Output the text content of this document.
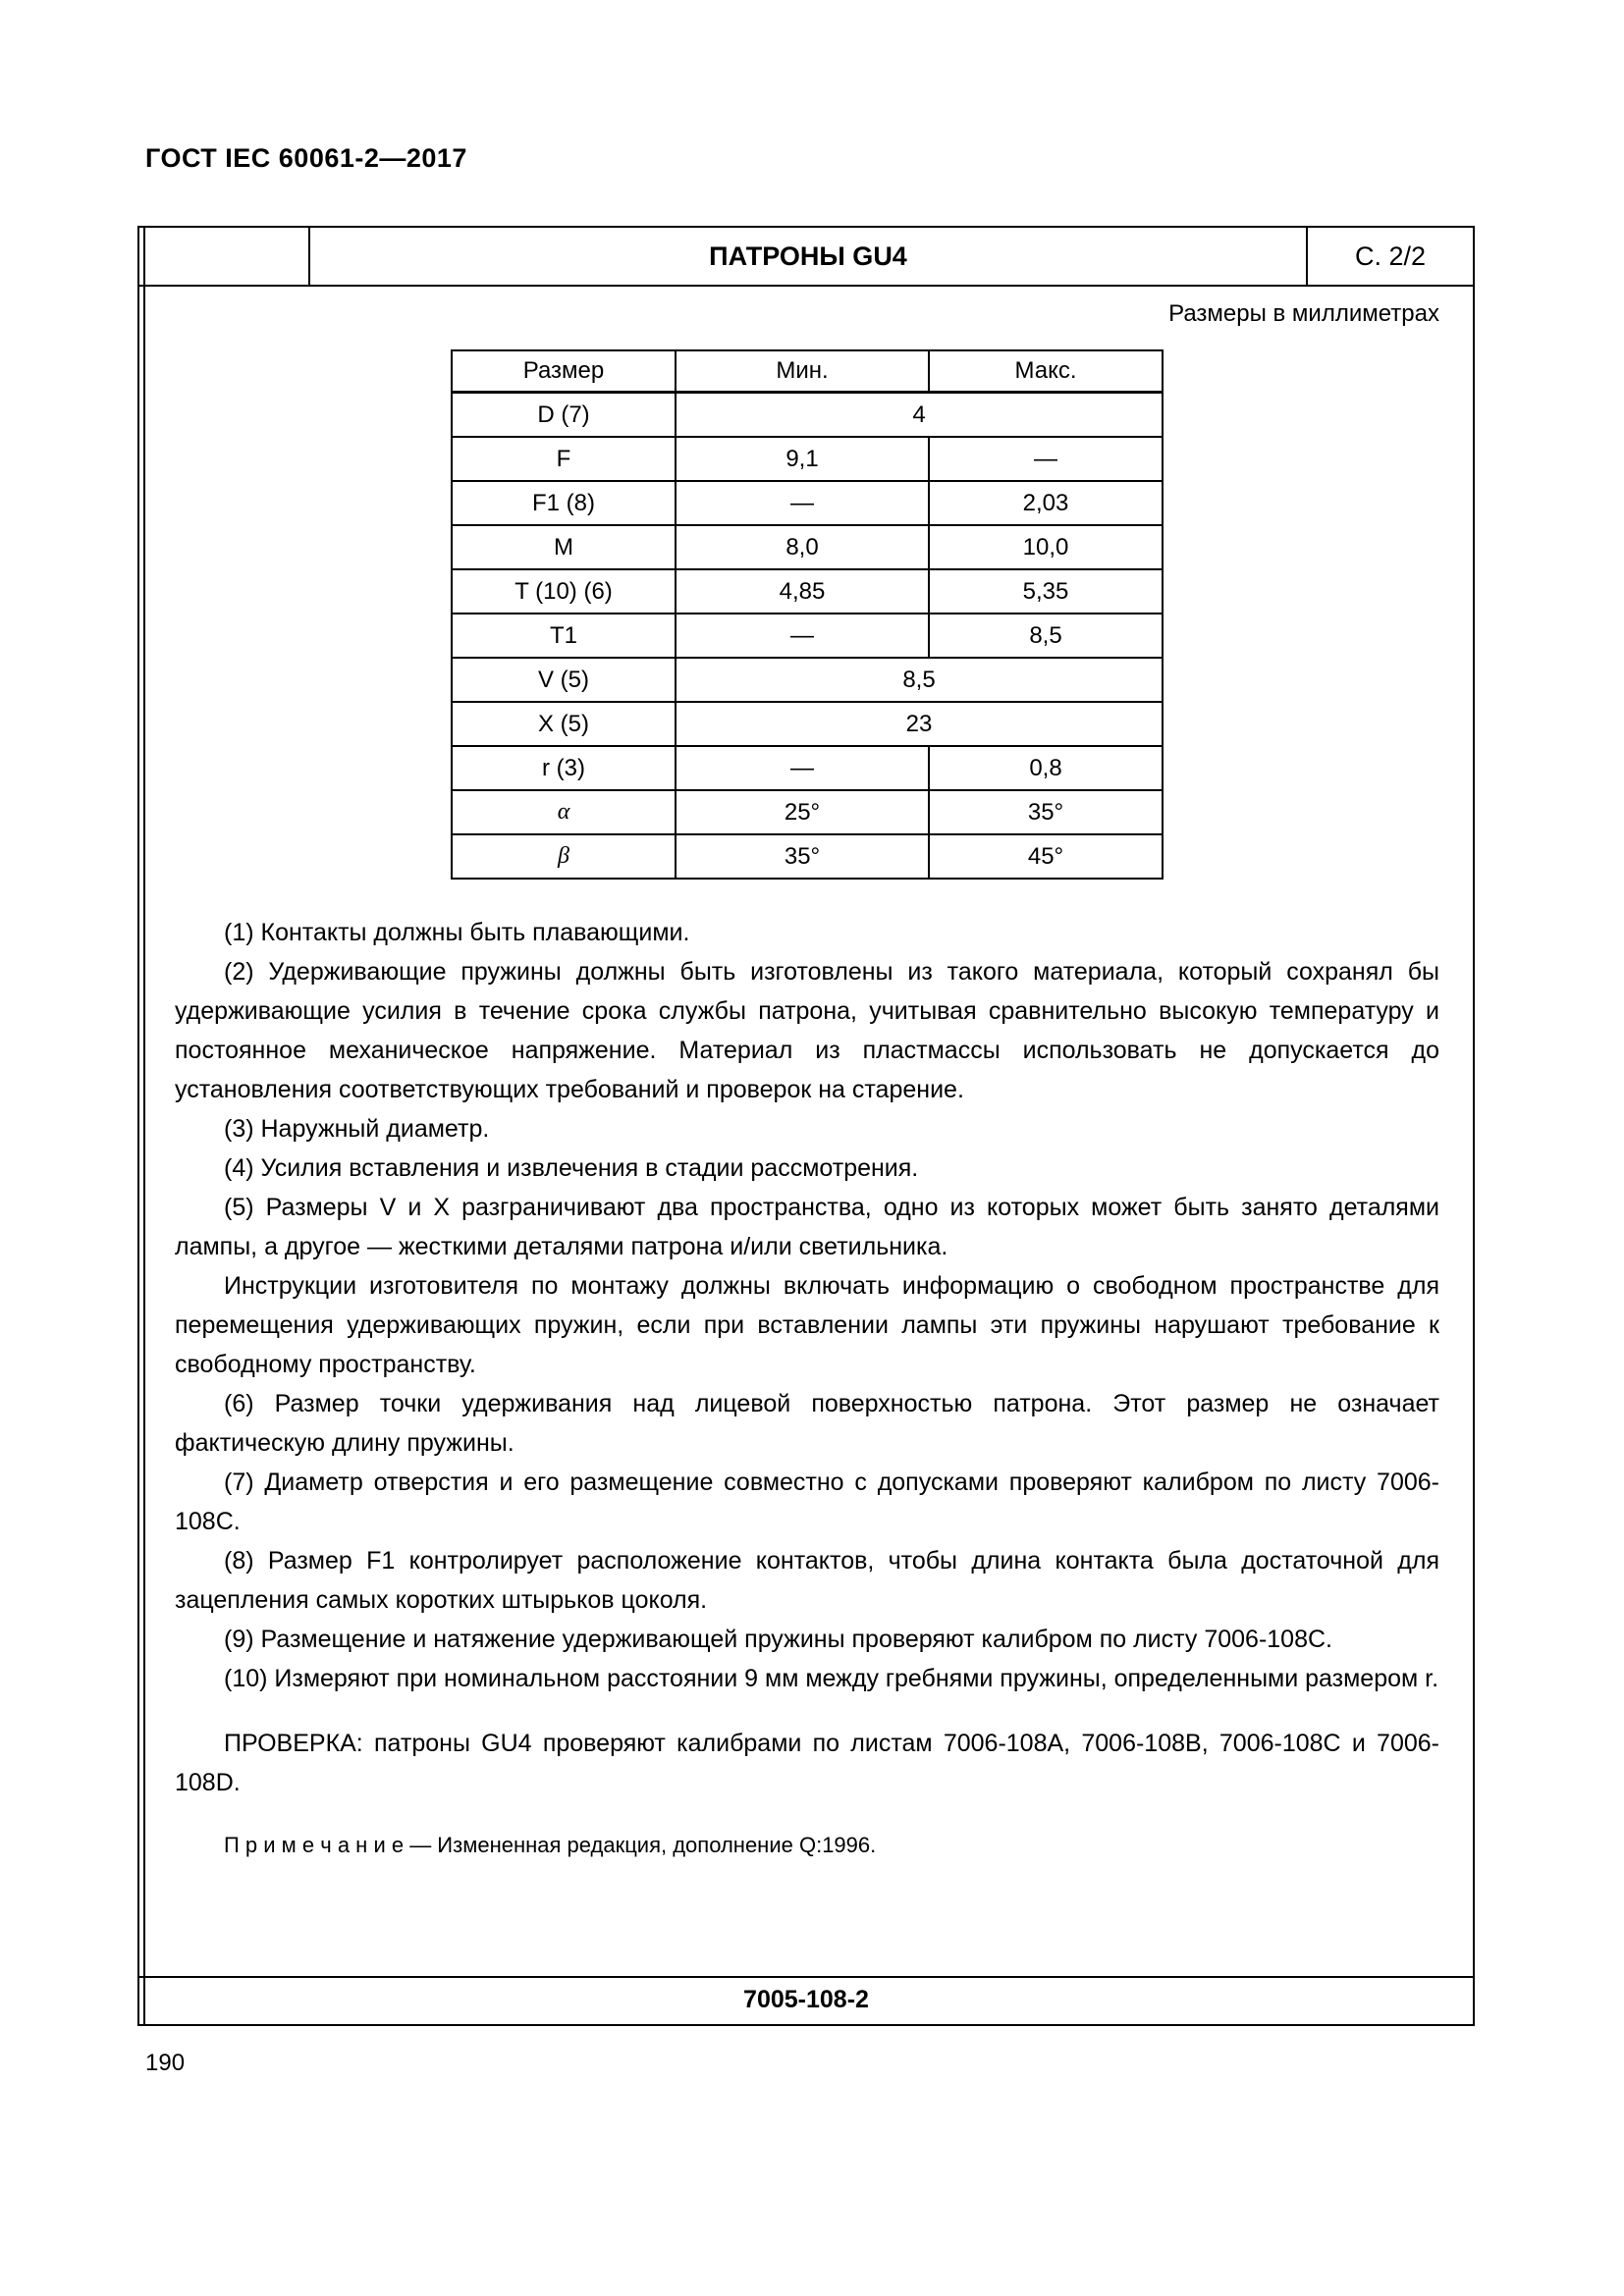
ГОСТ IEC 60061-2—2017
ПАТРОНЫ GU4	С. 2/2
Размеры в миллиметрах
Размер	Мин.	Макс.
D (7)	4	
F	9,1	—
F1 (8)	—	2,03
M	8,0	10,0
T (10) (6)	4,85	5,35
T1	—	8,5
V (5)	8,5	
X (5)	23	
r (3)	—	0,8
α	25°	35°
β	35°	45°

(1) Контакты должны быть плавающими.

(2) Удерживающие пружины должны быть изготовлены из такого материала, который сохранял бы удерживающие усилия в течение срока службы патрона, учитывая сравнительно высокую температуру и постоянное механическое напряжение. Материал из пластмассы использовать не допускается до установления соответствующих требований и проверок на старение.

(3) Наружный диаметр.

(4) Усилия вставления и извлечения в стадии рассмотрения.

(5) Размеры V и X разграничивают два пространства, одно из которых может быть занято деталями лампы, а другое — жесткими деталями патрона и/или светильника.

Инструкции изготовителя по монтажу должны включать информацию о свободном пространстве для перемещения удерживающих пружин, если при вставлении лампы эти пружины нарушают требование к свободному пространству.

(6) Размер точки удерживания над лицевой поверхностью патрона. Этот размер не означает фактическую длину пружины.

(7) Диаметр отверстия и его размещение совместно с допусками проверяют калибром по листу 7006-108С.

(8) Размер F1 контролирует расположение контактов, чтобы длина контакта была достаточной для зацепления самых коротких штырьков цоколя.

(9) Размещение и натяжение удерживающей пружины проверяют калибром по листу 7006-108С.

(10) Измеряют при номинальном расстоянии 9 мм между гребнями пружины, определенными размером r.

ПРОВЕРКА: патроны GU4 проверяют калибрами по листам 7006-108А, 7006-108В, 7006-108С и 7006-108D.

П р и м е ч а н и е — Измененная редакция, дополнение Q:1996.

7005-108-2
190
